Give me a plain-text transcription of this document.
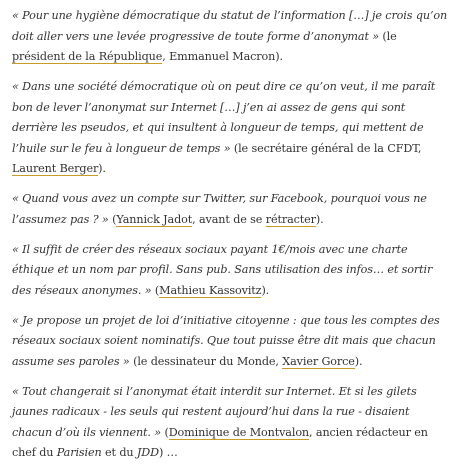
« Pour une hygiène démocratique du statut de l’information […] je crois qu’on doit aller vers une levée progressive de toute forme d’anonymat » (le président de la République, Emmanuel Macron).

« Dans une société démocratique où on peut dire ce qu’on veut, il me paraît bon de lever l’anonymat sur Internet […] j’en ai assez de gens qui sont derrière les pseudos, et qui insultent à longueur de temps, qui mettent de l’huile sur le feu à longueur de temps » (le secrétaire général de la CFDT, Laurent Berger).

« Quand vous avez un compte sur Twitter, sur Facebook, pourquoi vous ne l’assumez pas ? » (Yannick Jadot, avant de se rétracter).

« Il suffit de créer des réseaux sociaux payant 1€/mois avec une charte éthique et un nom par profil. Sans pub. Sans utilisation des infos… et sortir des réseaux anonymes. » (Mathieu Kassovitz).

« Je propose un projet de loi d’initiative citoyenne : que tous les comptes des réseaux sociaux soient nominatifs. Que tout puisse être dit mais que chacun assume ses paroles » (le dessinateur du Monde, Xavier Gorce).

« Tout changerait si l’anonymat était interdit sur Internet. Et si les gilets jaunes radicaux - les seuls qui restent aujourd’hui dans la rue - disaient chacun d’où ils viennent. » (Dominique de Montvalon, ancien rédacteur en chef du Parisien et du JDD) …
